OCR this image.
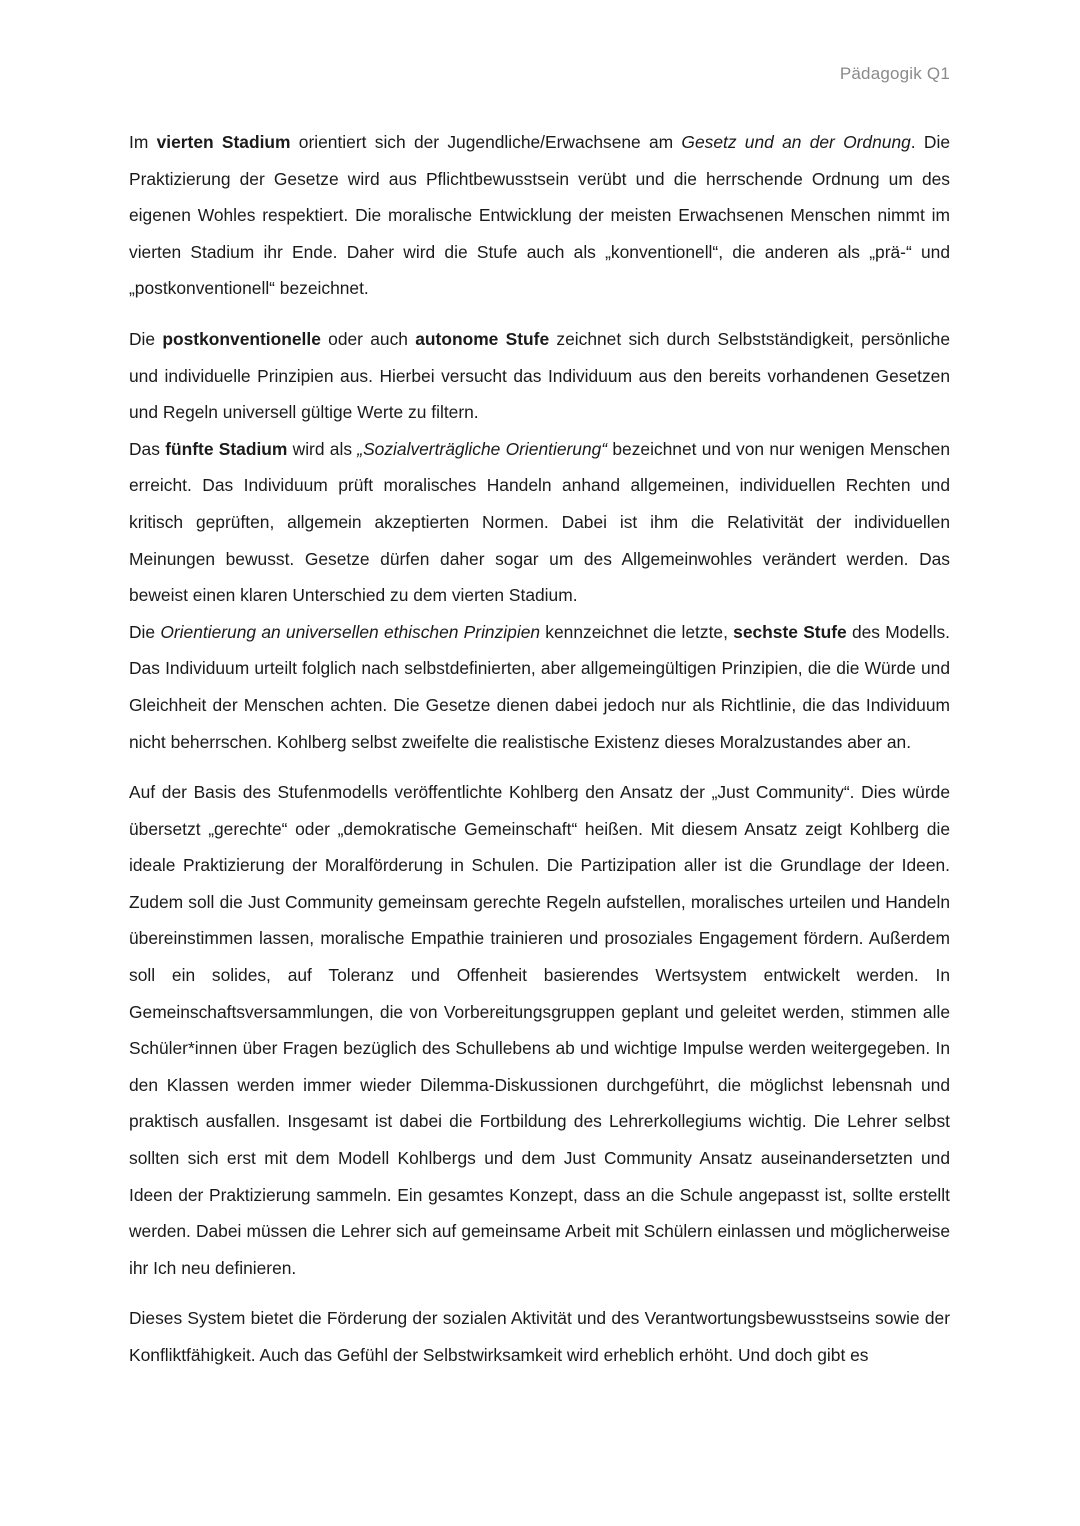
Pädagogik Q1

Im vierten Stadium orientiert sich der Jugendliche/Erwachsene am Gesetz und an der Ordnung. Die Praktizierung der Gesetze wird aus Pflichtbewusstsein verübt und die herrschende Ordnung um des eigenen Wohles respektiert. Die moralische Entwicklung der meisten Erwachsenen Menschen nimmt im vierten Stadium ihr Ende. Daher wird die Stufe auch als „konventionell“, die anderen als „prä-“ und „postkonventionell“ bezeichnet.

Die postkonventionelle oder auch autonome Stufe zeichnet sich durch Selbstständigkeit, persönliche und individuelle Prinzipien aus. Hierbei versucht das Individuum aus den bereits vorhandenen Gesetzen und Regeln universell gültige Werte zu filtern.

Das fünfte Stadium wird als „Sozialverträgliche Orientierung“ bezeichnet und von nur wenigen Menschen erreicht. Das Individuum prüft moralisches Handeln anhand allgemeinen, individuellen Rechten und kritisch geprüften, allgemein akzeptierten Normen. Dabei ist ihm die Relativität der individuellen Meinungen bewusst. Gesetze dürfen daher sogar um des Allgemeinwohles verändert werden. Das beweist einen klaren Unterschied zu dem vierten Stadium.

Die Orientierung an universellen ethischen Prinzipien kennzeichnet die letzte, sechste Stufe des Modells. Das Individuum urteilt folglich nach selbstdefinierten, aber allgemeingültigen Prinzipien, die die Würde und Gleichheit der Menschen achten. Die Gesetze dienen dabei jedoch nur als Richtlinie, die das Individuum nicht beherrschen. Kohlberg selbst zweifelte die realistische Existenz dieses Moralzustandes aber an.

Auf der Basis des Stufenmodells veröffentlichte Kohlberg den Ansatz der „Just Community“. Dies würde übersetzt „gerechte“ oder „demokratische Gemeinschaft“ heißen. Mit diesem Ansatz zeigt Kohlberg die ideale Praktizierung der Moralförderung in Schulen. Die Partizipation aller ist die Grundlage der Ideen. Zudem soll die Just Community gemeinsam gerechte Regeln aufstellen, moralisches urteilen und Handeln übereinstimmen lassen, moralische Empathie trainieren und prosoziales Engagement fördern. Außerdem soll ein solides, auf Toleranz und Offenheit basierendes Wertsystem entwickelt werden. In Gemeinschaftsversammlungen, die von Vorbereitungsgruppen geplant und geleitet werden, stimmen alle Schüler*innen über Fragen bezüglich des Schullebens ab und wichtige Impulse werden weitergegeben. In den Klassen werden immer wieder Dilemma-Diskussionen durchgeführt, die möglichst lebensnah und praktisch ausfallen. Insgesamt ist dabei die Fortbildung des Lehrerkollegiums wichtig. Die Lehrer selbst sollten sich erst mit dem Modell Kohlbergs und dem Just Community Ansatz auseinandersetzten und Ideen der Praktizierung sammeln. Ein gesamtes Konzept, dass an die Schule angepasst ist, sollte erstellt werden. Dabei müssen die Lehrer sich auf gemeinsame Arbeit mit Schülern einlassen und möglicherweise ihr Ich neu definieren.

Dieses System bietet die Förderung der sozialen Aktivität und des Verantwortungsbewusstseins sowie der Konfliktfähigkeit. Auch das Gefühl der Selbstwirksamkeit wird erheblich erhöht. Und doch gibt es
